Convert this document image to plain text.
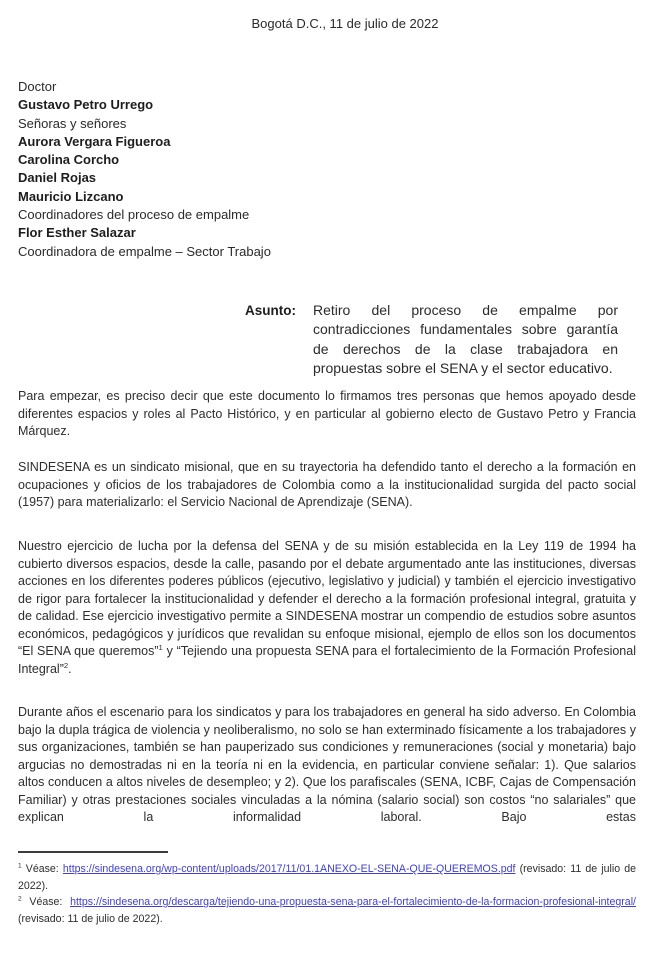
Bogotá D.C., 11 de julio de 2022
Doctor
Gustavo Petro Urrego
Señoras y señores
Aurora Vergara Figueroa
Carolina Corcho
Daniel Rojas
Mauricio Lizcano
Coordinadores del proceso de empalme
Flor Esther Salazar
Coordinadora de empalme – Sector Trabajo
Asunto:	Retiro del proceso de empalme por contradicciones fundamentales sobre garantía de derechos de la clase trabajadora en propuestas sobre el SENA y el sector educativo.
Para empezar, es preciso decir que este documento lo firmamos tres personas que hemos apoyado desde diferentes espacios y roles al Pacto Histórico, y en particular al gobierno electo de Gustavo Petro y Francia Márquez.
SINDESENA es un sindicato misional, que en su trayectoria ha defendido tanto el derecho a la formación en ocupaciones y oficios de los trabajadores de Colombia como a la institucionalidad surgida del pacto social (1957) para materializarlo: el Servicio Nacional de Aprendizaje (SENA).
Nuestro ejercicio de lucha por la defensa del SENA y de su misión establecida en la Ley 119 de 1994 ha cubierto diversos espacios, desde la calle, pasando por el debate argumentado ante las instituciones, diversas acciones en los diferentes poderes públicos (ejecutivo, legislativo y judicial) y también el ejercicio investigativo de rigor para fortalecer la institucionalidad y defender el derecho a la formación profesional integral, gratuita y de calidad. Ese ejercicio investigativo permite a SINDESENA mostrar un compendio de estudios sobre asuntos económicos, pedagógicos y jurídicos que revalidan su enfoque misional, ejemplo de ellos son los documentos “El SENA que queremos”$^1$ y “Tejiendo una propuesta SENA para el fortalecimiento de la Formación Profesional Integral”$^2$.
Durante años el escenario para los sindicatos y para los trabajadores en general ha sido adverso. En Colombia bajo la dupla trágica de violencia y neoliberalismo, no solo se han exterminado físicamente a los trabajadores y sus organizaciones, también se han pauperizado sus condiciones y remuneraciones (social y monetaria) bajo argucias no demostradas ni en la teoría ni en la evidencia, en particular conviene señalar: 1). Que salarios altos conducen a altos niveles de desempleo; y 2). Que los parafiscales (SENA, ICBF, Cajas de Compensación Familiar) y otras prestaciones sociales vinculadas a la nómina (salario social) son costos “no salariales” que explican la informalidad laboral. Bajo estas
$^1$ Véase: https://sindesena.org/wp-content/uploads/2017/11/01.1ANEXO-EL-SENA-QUE-QUEREMOS.pdf (revisado: 11 de julio de 2022).
$^2$ Véase: https://sindesena.org/descarga/tejiendo-una-propuesta-sena-para-el-fortalecimiento-de-la-formacion-profesional-integral/ (revisado: 11 de julio de 2022).
